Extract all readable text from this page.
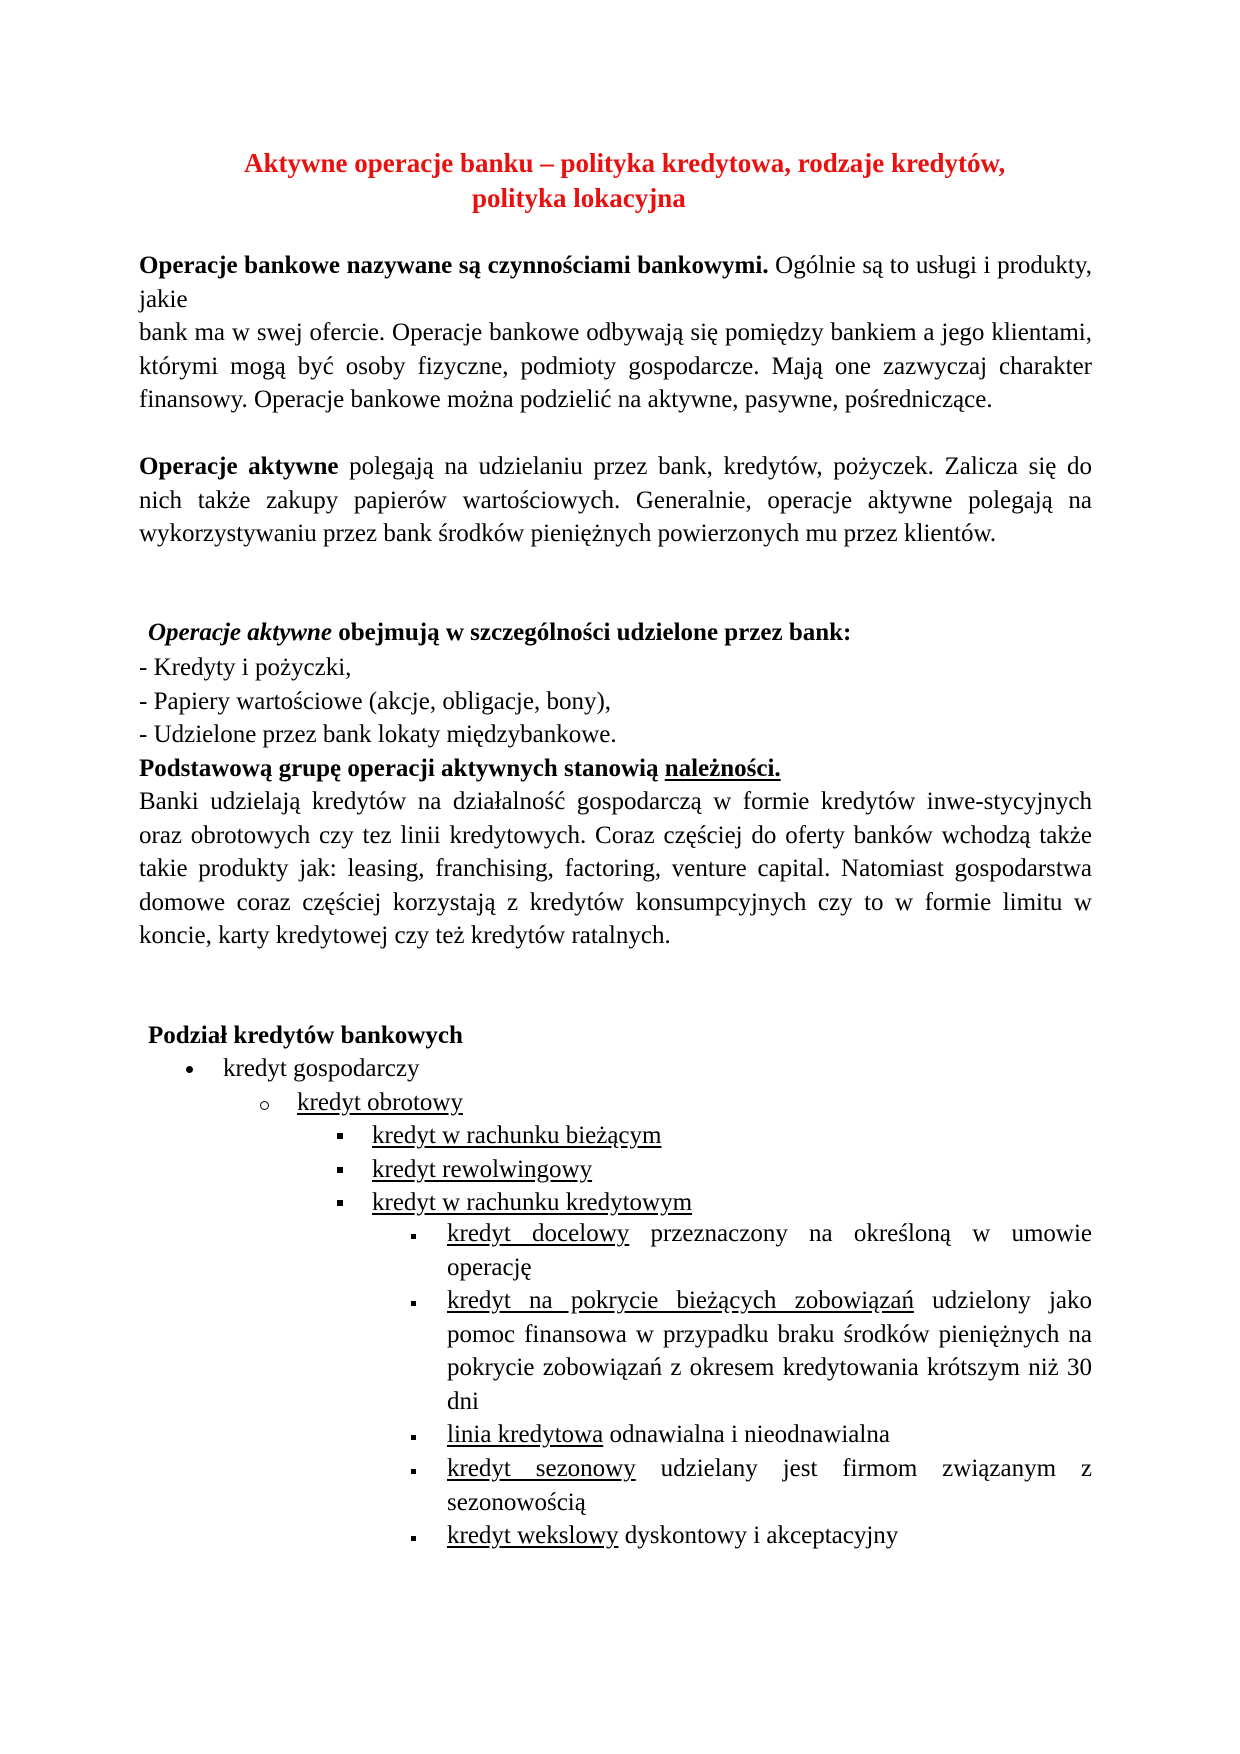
Aktywne operacje banku – polityka kredytowa, rodzaje kredytów,
polityka lokacyjna
Operacje bankowe nazywane są czynnościami bankowymi. Ogólnie są to usługi i produkty, jakie
bank ma w swej ofercie. Operacje bankowe odbywają się pomiędzy bankiem a jego klientami, którymi mogą być osoby fizyczne, podmioty gospodarcze. Mają one zazwyczaj charakter finansowy. Operacje bankowe można podzielić na aktywne, pasywne, pośredniczące.
Operacje aktywne polegają na udzielaniu przez bank, kredytów, pożyczek. Zalicza się do nich także zakupy papierów wartościowych. Generalnie, operacje aktywne polegają na wykorzystywaniu przez bank środków pieniężnych powierzonych mu przez klientów.
Operacje aktywne obejmują w szczególności udzielone przez bank:
- Kredyty i pożyczki,
- Papiery wartościowe (akcje, obligacje, bony),
- Udzielone przez bank lokaty międzybankowe.
Podstawową grupę operacji aktywnych stanowią należności.
Banki udzielają kredytów na działalność gospodarczą w formie kredytów inwe-stycyjnych oraz obrotowych czy tez linii kredytowych. Coraz częściej do oferty banków wchodzą także takie produkty jak: leasing, franchising, factoring, venture capital. Natomiast gospodarstwa domowe coraz częściej korzystają z kredytów konsumpcyjnych czy to w formie limitu w koncie, karty kredytowej czy też kredytów ratalnych.
Podział kredytów bankowych
kredyt gospodarczy
kredyt obrotowy
kredyt w rachunku bieżącym
kredyt rewolwingowy
kredyt w rachunku kredytowym
kredyt docelowy przeznaczony na określoną w umowie operację
kredyt na pokrycie bieżących zobowiązań udzielony jako pomoc finansowa w przypadku braku środków pieniężnych na pokrycie zobowiązań z okresem kredytowania krótszym niż 30 dni
linia kredytowa odnawialna i nieodnawialna
kredyt sezonowy udzielany jest firmom związanym z sezonowością
kredyt wekslowy dyskontowy i akceptacyjny
